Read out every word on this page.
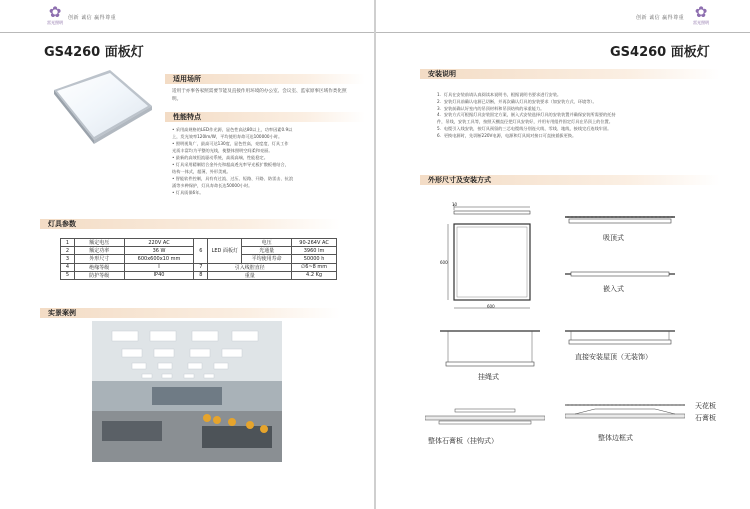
✿
雷光照明
创新 诚信 赢得尊重
GS4260 面板灯
适用场所
适用于亦事各家照需要节能及直接作用环境的办公室、会议室、监家原事区域作类化照明。
性能特点
• 采用高规格的LED作光源，显色性高达80以上，功率因素0.9以
上，发光效率120lm/W，平均使用寿命可达100000小时。
• 照明视角广，最高可达130度，显色性高，亮度度，灯具工作
光质丰富均为平整的光线，使整体照明空间柔和亮丽。
• 最新的高效恒流驱动系统，高质高端，性能稳定。
• 灯具采用精制铝合金外壳和超高透光率导光板扩散板相结合，
结构一体式，超薄，外形美观。
• 智能软件控制，具有有过流、过压、短路、开路、防雷击、抗浪
涌等多种保护，灯具寿命长达50000小时。
• 灯具质保6年。
灯具参数
1	额定电压	220V AC	6	LED 面板灯	电压	90-264V AC
2	额定功率	36 W			光通量	3960 lm
3	外形尺寸	600x600x10 mm			平均使用寿命	50000 h
4	绝缘等级	I	7	引入线腔直径		∅6~8 mm
5	防护等级	IP40	8	重量		4.2 Kg
实景案例
✿
雷光照明
创新 诚信 赢得尊重
GS4260 面板灯
安装说明
1．灯具在安装前请认真阅读本说明书，根据说明书要求进行安装。
2．安装灯具前确认电源已切断，并再次确认灯具的安装要求（如安装方式、环境等）。
3．安装前确认好室内的吊顶材料和吊顶结构的承重能力。
4．安装方式可根据灯具安装固定方案，嵌入式安装选择灯具的安装装置并确保安装所需要的托持
件，吊线，安装工具等，按照天棚直径把灯具安装好，并用专用组件固定灯具在吊顶上的位置。
5．电缆引入线安装，按灯具预留的三芯电缆线分别连火线、零线、地线，接线完后连线牢固。
6．更换电源时，先切断220V电源，电源和灯具间对接口可直接插拔更换。
外形尺寸及安装方式
10
600
600
吸顶式
嵌入式
挂绳式
直接安装屋顶（无装饰）
整体石膏板（挂钩式）
天花板
石膏板
整体边框式
